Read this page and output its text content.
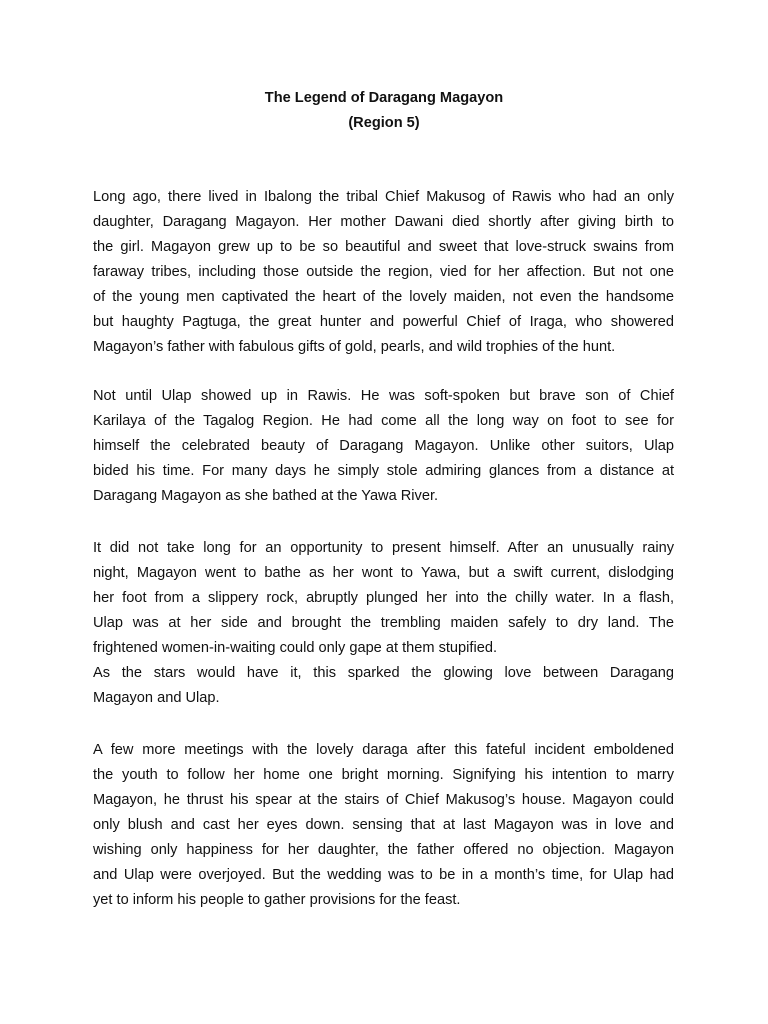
The Legend of Daragang Magayon
(Region 5)
Long ago, there lived in Ibalong the tribal Chief Makusog of Rawis who had an only
daughter, Daragang Magayon. Her mother Dawani died shortly after giving birth to
the girl. Magayon grew up to be so beautiful and sweet that love-struck swains from
faraway tribes, including those outside the region, vied for her affection. But not one
of the young men captivated the heart of the lovely maiden, not even the handsome
but haughty Pagtuga, the great hunter and powerful Chief of Iraga, who showered
Magayon’s father with fabulous gifts of gold, pearls, and wild trophies of the hunt.
Not until Ulap showed up in Rawis. He was soft-spoken but brave son of Chief
Karilaya of the Tagalog Region. He had come all the long way on foot to see for
himself the celebrated beauty of Daragang Magayon. Unlike other suitors, Ulap
bided his time. For many days he simply stole admiring glances from a distance at
Daragang Magayon as she bathed at the Yawa River.
It did not take long for an opportunity to present himself. After an unusually rainy
night, Magayon went to bathe as her wont to Yawa, but a swift current, dislodging
her foot from a slippery rock, abruptly plunged her into the chilly water. In a flash,
Ulap was at her side and brought the trembling maiden safely to dry land. The
frightened women-in-waiting could only gape at them stupified.
As the stars would have it, this sparked the glowing love between Daragang
Magayon and Ulap.
A few more meetings with the lovely daraga after this fateful incident emboldened
the youth to follow her home one bright morning. Signifying his intention to marry
Magayon, he thrust his spear at the stairs of Chief Makusog’s house. Magayon could
only blush and cast her eyes down. sensing that at last Magayon was in love and
wishing only happiness for her daughter, the father offered no objection. Magayon
and Ulap were overjoyed. But the wedding was to be in a month’s time, for Ulap had
yet to inform his people to gather provisions for the feast.
